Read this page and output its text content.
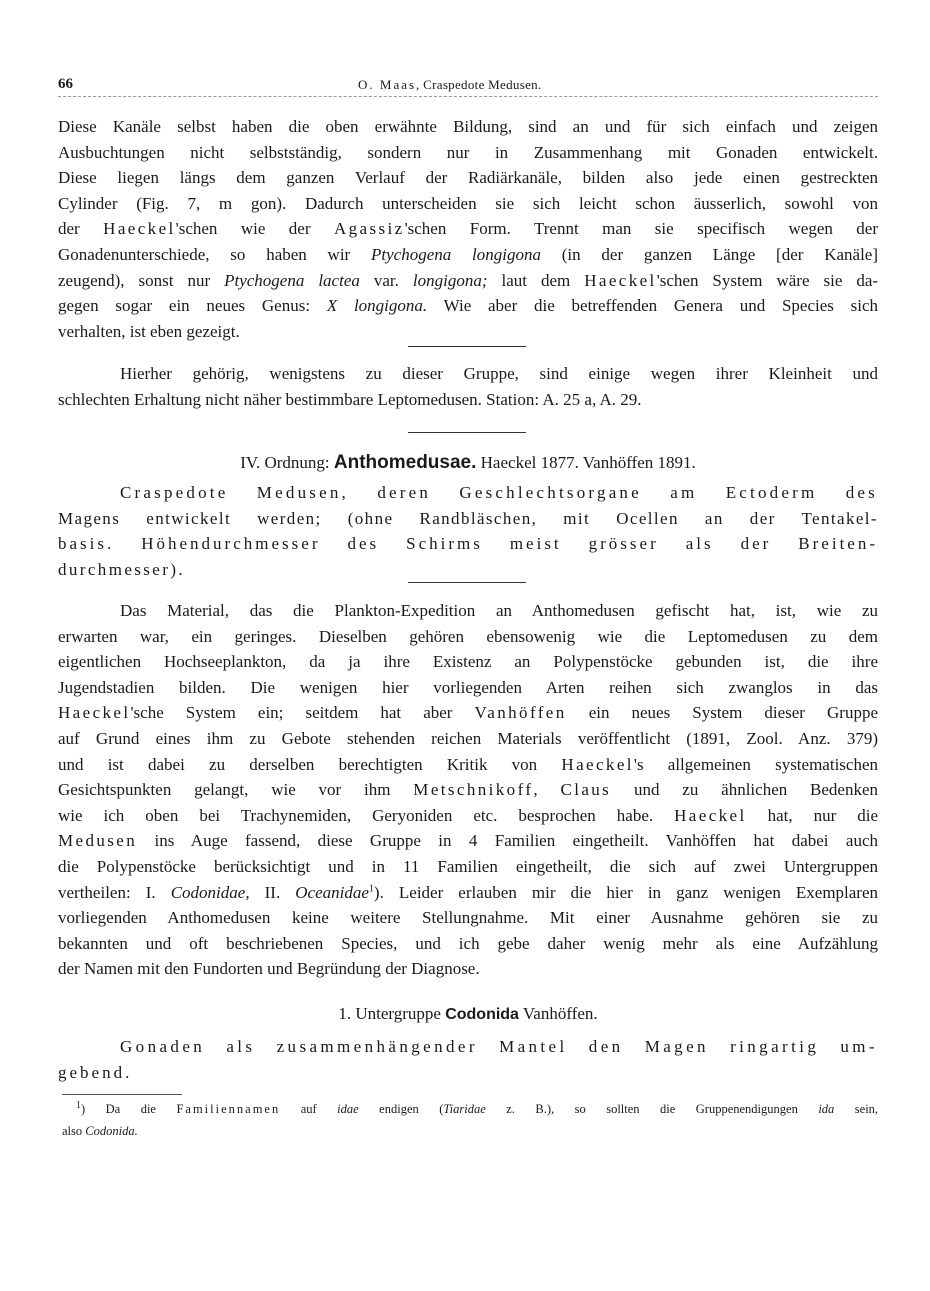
66	O. Maas, Craspedote Medusen.
Diese Kanäle selbst haben die oben erwähnte Bildung, sind an und für sich einfach und zeigen
Ausbuchtungen nicht selbstständig, sondern nur in Zusammenhang mit Gonaden entwickelt.
Diese liegen längs dem ganzen Verlauf der Radiärkanäle, bilden also jede einen gestreckten
Cylinder (Fig. 7, m gon). Dadurch unterscheiden sie sich leicht schon äusserlich, sowohl von
der Haeckel'schen wie der Agassiz'schen Form. Trennt man sie specifisch wegen der
Gonadenunterschiede, so haben wir Ptychogena longigona (in der ganzen Länge [der Kanäle]
zeugend), sonst nur Ptychogena lactea var. longigona; laut dem Haeckel'schen System wäre sie da-
gegen sogar ein neues Genus: X longigona. Wie aber die betreffenden Genera und Species sich
verhalten, ist eben gezeigt.
Hierher gehörig, wenigstens zu dieser Gruppe, sind einige wegen ihrer Kleinheit und
schlechten Erhaltung nicht näher bestimmbare Leptomedusen. Station: A. 25 a, A. 29.
IV. Ordnung: Anthomedusae. Haeckel 1877. Vanhöffen 1891.
Craspedote Medusen, deren Geschlechtsorgane am Ectoderm des
Magens entwickelt werden; (ohne Randbläschen, mit Ocellen an der Tentakel-
basis. Höhendurchmesser des Schirms meist grösser als der Breiten-
durchmesser).
Das Material, das die Plankton-Expedition an Anthomedusen gefischt hat, ist, wie zu
erwarten war, ein geringes. Dieselben gehören ebensowenig wie die Leptomedusen zu dem
eigentlichen Hochseeplankton, da ja ihre Existenz an Polypenstöcke gebunden ist, die ihre
Jugendstadien bilden. Die wenigen hier vorliegenden Arten reihen sich zwanglos in das
Haeckel'sche System ein; seitdem hat aber Vanhöffen ein neues System dieser Gruppe
auf Grund eines ihm zu Gebote stehenden reichen Materials veröffentlicht (1891, Zool. Anz. 379)
und ist dabei zu derselben berechtigten Kritik von Haeckel's allgemeinen systematischen
Gesichtspunkten gelangt, wie vor ihm Metschnikoff, Claus und zu ähnlichen Bedenken
wie ich oben bei Trachynemiden, Geryoniden etc. besprochen habe. Haeckel hat, nur die
Medusen ins Auge fassend, diese Gruppe in 4 Familien eingetheilt. Vanhöffen hat dabei auch
die Polypenstöcke berücksichtigt und in 11 Familien eingetheilt, die sich auf zwei Untergruppen
vertheilen: I. Codonidae, II. Oceanidae$^1$). Leider erlauben mir die hier in ganz wenigen Exemplaren
vorliegenden Anthomedusen keine weitere Stellungnahme. Mit einer Ausnahme gehören sie zu
bekannten und oft beschriebenen Species, und ich gebe daher wenig mehr als eine Aufzählung
der Namen mit den Fundorten und Begründung der Diagnose.
1. Untergruppe Codonida Vanhöffen.
Gonaden als zusammenhängender Mantel den Magen ringartig um-
gebend.
$^1$) Da die Familiennamen auf idae endigen (Tiaridae z. B.), so sollten die Gruppenendigungen ida sein,
also Codonida.
